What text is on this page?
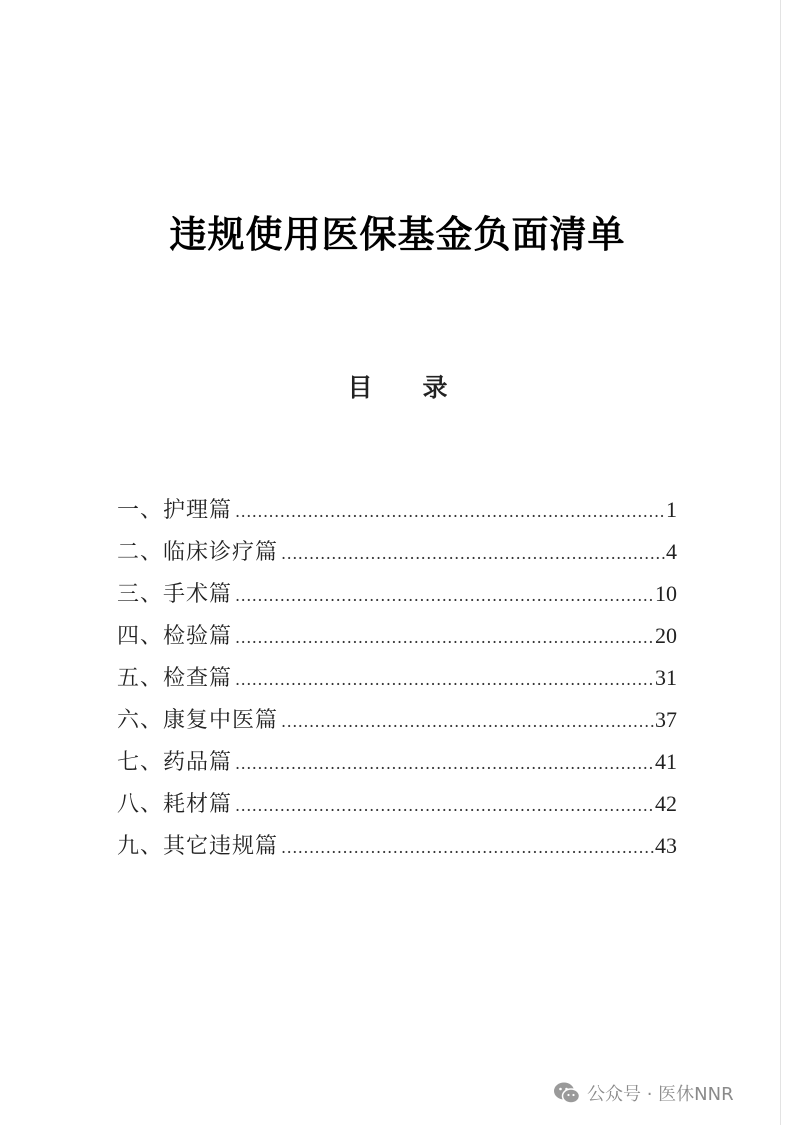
违规使用医保基金负面清单
目　　录
一、护理篇 .....	1
二、临床诊疗篇 .....	4
三、手术篇 .....	10
四、检验篇 .....	20
五、检查篇 .....	31
六、康复中医篇 .....	37
七、药品篇 .....	41
八、耗材篇 .....	42
九、其它违规篇 .....	43
公众号 · 医休NNR
